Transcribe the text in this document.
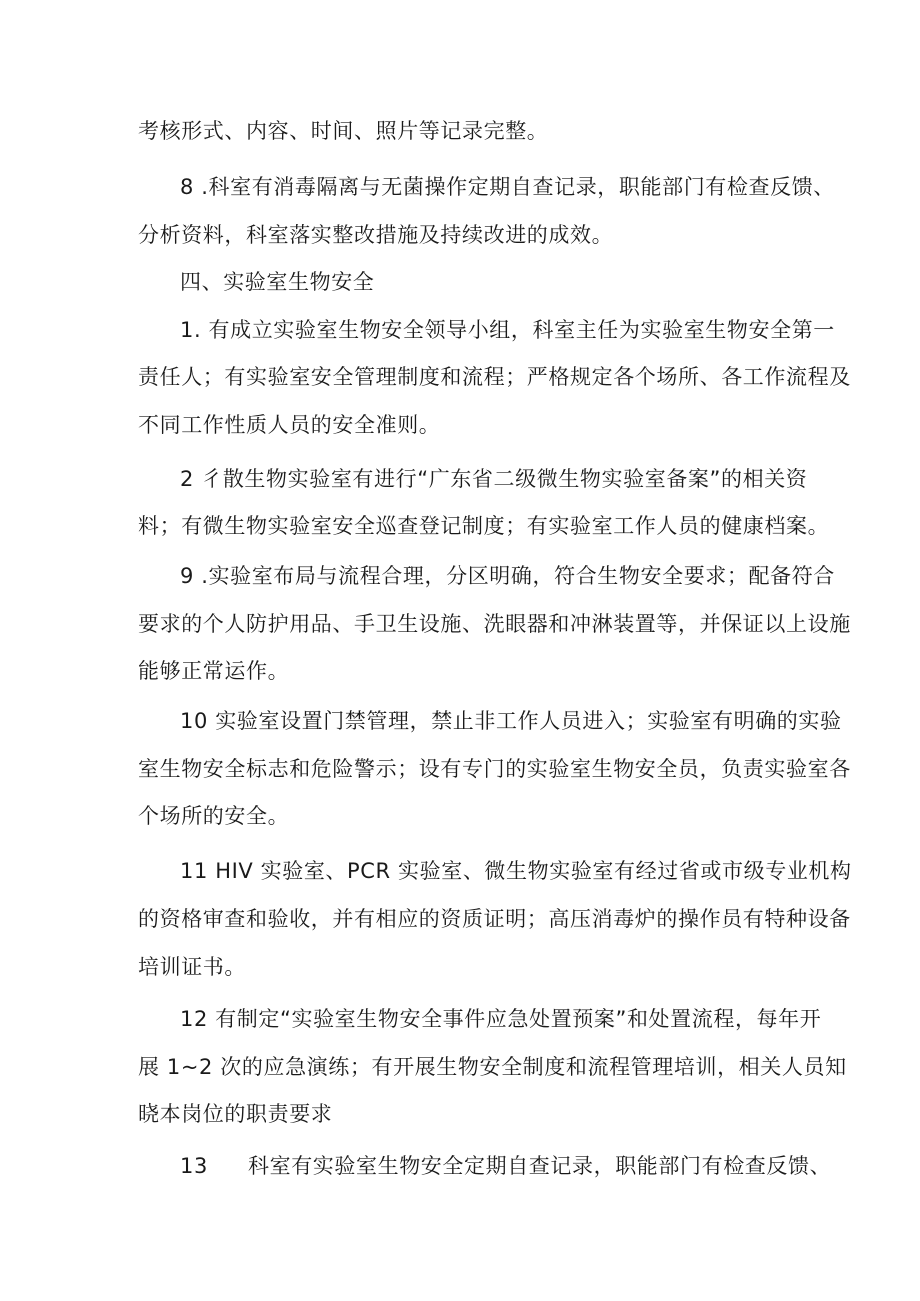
考核形式、内容、时间、照片等记录完整。
8 .科室有消毒隔离与无菌操作定期自查记录，职能部门有检查反馈、
分析资料，科室落实整改措施及持续改进的成效。
四、实验室生物安全
1. 有成立实验室生物安全领导小组，科室主任为实验室生物安全第一
责任人；有实验室安全管理制度和流程；严格规定各个场所、各工作流程及
不同工作性质人员的安全准则。
2 彳散生物实验室有进行“广东省二级微生物实验室备案”的相关资
料；有微生物实验室安全巡查登记制度；有实验室工作人员的健康档案。
9 .实验室布局与流程合理，分区明确，符合生物安全要求；配备符合
要求的个人防护用品、手卫生设施、洗眼器和冲淋装置等，并保证以上设施
能够正常运作。
10 实验室设置门禁管理，禁止非工作人员进入；实验室有明确的实验
室生物安全标志和危险警示；设有专门的实验室生物安全员，负责实验室各
个场所的安全。
11 HIV 实验室、PCR 实验室、微生物实验室有经过省或市级专业机构
的资格审查和验收，并有相应的资质证明；高压消毒炉的操作员有特种设备
培训证书。
12 有制定“实验室生物安全事件应急处置预案”和处置流程，每年开
展 1~2 次的应急演练；有开展生物安全制度和流程管理培训，相关人员知
晓本岗位的职责要求
13 科室有实验室生物安全定期自查记录，职能部门有检查反馈、
